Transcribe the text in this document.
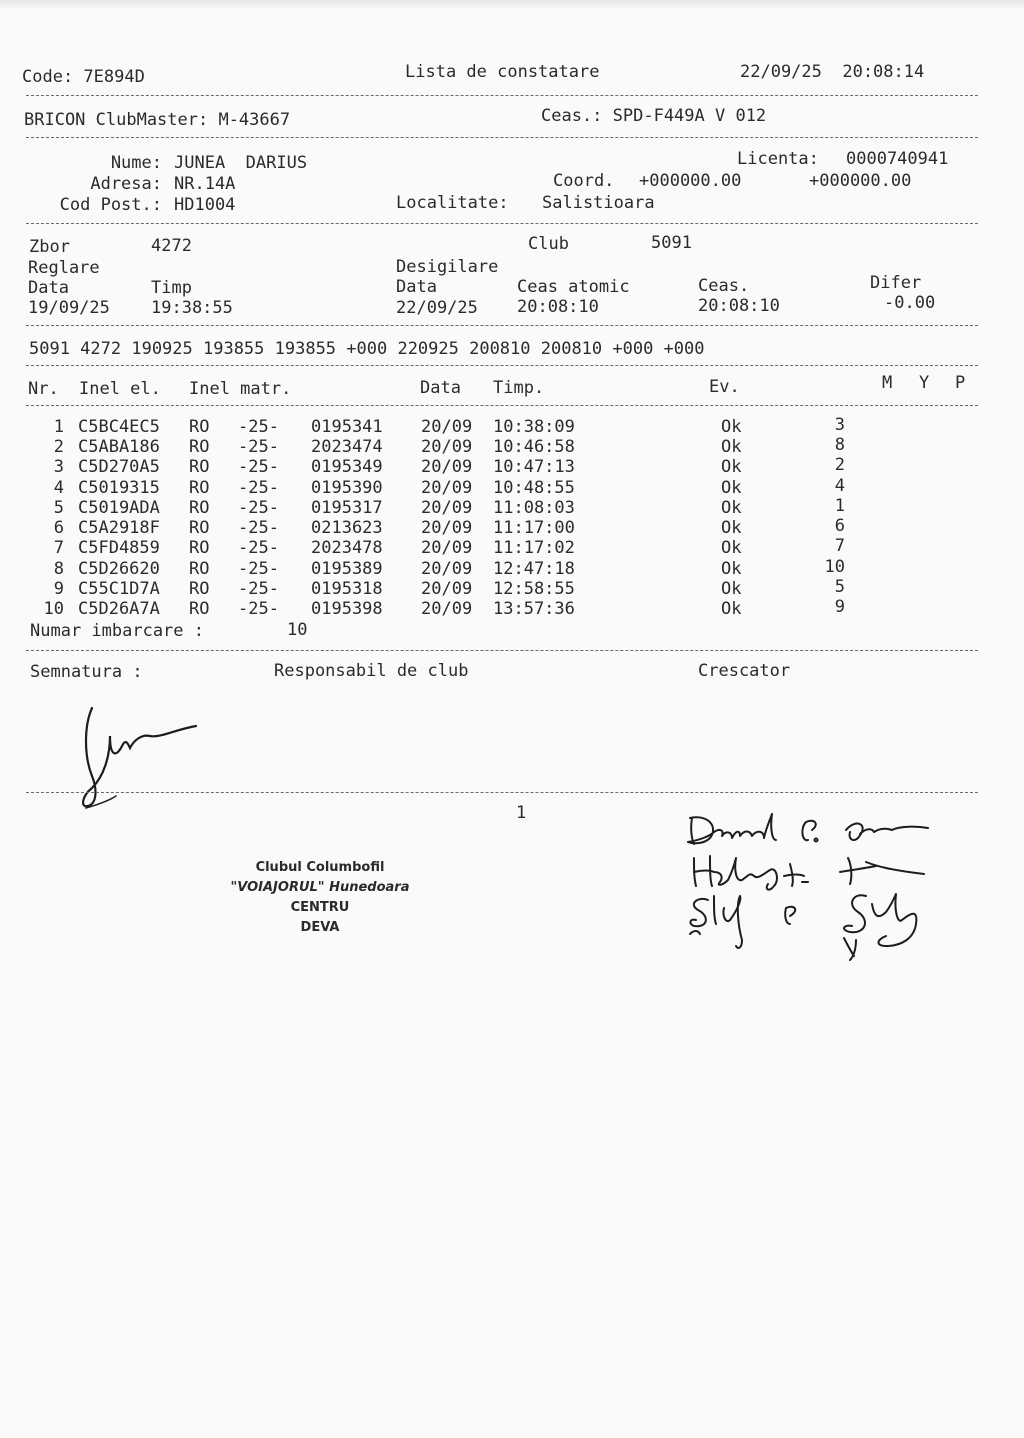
Code: 7E894D	Lista de constatare	22/09/25  20:08:14
BRICON ClubMaster: M-43667	Ceas.: SPD-F449A V 012
Nume: JUNEA  DARIUS
Adresa: NR.14A
Cod Post.: HD1004
Licenta: 0000740941
Coord. +000000.00	+000000.00
Localitate: Salistioara
Zbor	4272	Club	5091
Reglare	Desigilare
Data	Timp	Data	Ceas atomic	Ceas.	Difer
19/09/25 19:38:55	22/09/25 20:08:10	20:08:10	-0.00
5091 4272 190925 193855 193855 +000 220925 200810 200810 +000 +000
Nr. Inel el. Inel matr.	Data Timp.	Ev.	M Y P
1 C5BC4EC5 RO -25- 0195341 20/09 10:38:09	Ok	3
2 C5ABA186 RO -25- 2023474 20/09 10:46:58	Ok	8
3 C5D270A5 RO -25- 0195349 20/09 10:47:13	Ok	2
4 C5019315 RO -25- 0195390 20/09 10:48:55	Ok	4
5 C5019ADA RO -25- 0195317 20/09 11:08:03	Ok	1
6 C5A2918F RO -25- 0213623 20/09 11:17:00	Ok	6
7 C5FD4859 RO -25- 2023478 20/09 11:17:02	Ok	7
8 C5D26620 RO -25- 0195389 20/09 12:47:18	Ok	10
9 C55C1D7A RO -25- 0195318 20/09 12:58:55	Ok	5
10 C5D26A7A RO -25- 0195398 20/09 13:57:36	Ok	9
Numar imbarcare :	10
Semnatura :	Responsabil de club	Crescator
1
Clubul Columbofil
"VOIAJORUL" Hunedoara
CENTRU
DEVA
